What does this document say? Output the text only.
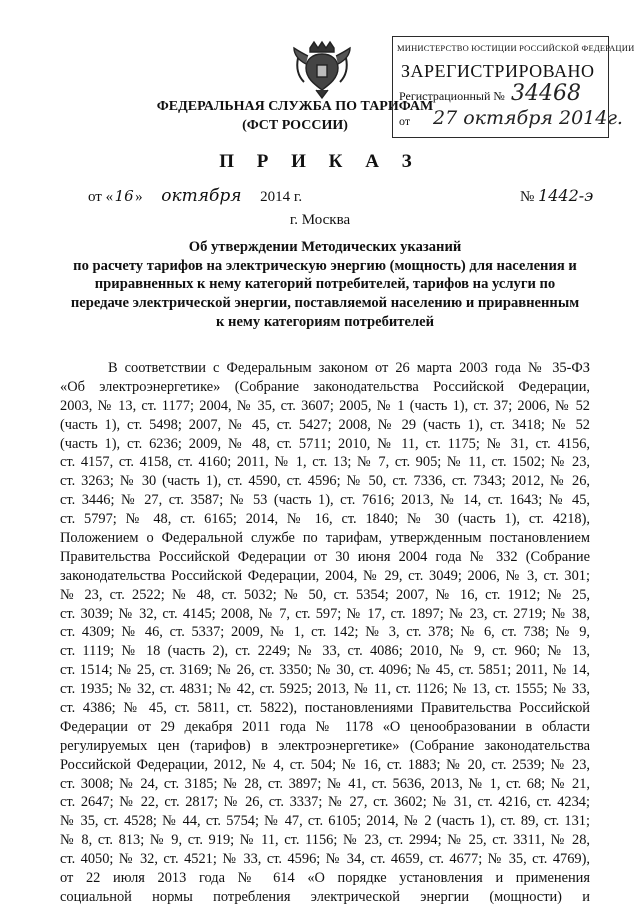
ФЕДЕРАЛЬНАЯ СЛУЖБА ПО ТАРИФАМ
(ФСТ РОССИИ)
МИНИСТЕРСТВО ЮСТИЦИИ РОССИЙСКОЙ ФЕДЕРАЦИИ
ЗАРЕГИСТРИРОВАНО
Регистрационный № 34468
от 27 октября 2014г.
П Р И К А З
от «16» октября 2014 г.	№ 1442-э
г. Москва
Об утверждении Методических указаний
по расчету тарифов на электрическую энергию (мощность) для населения и
приравненных к нему категорий потребителей, тарифов на услуги по
передаче электрической энергии, поставляемой населению и приравненным
к нему категориям потребителей
В соответствии с Федеральным законом от 26 марта 2003 года № 35-ФЗ
«Об электроэнергетике» (Собрание законодательства Российской Федерации,
2003, № 13, ст. 1177; 2004, № 35, ст. 3607; 2005, № 1 (часть 1), ст. 37; 2006, № 52
(часть 1), ст. 5498; 2007, № 45, ст. 5427; 2008, № 29 (часть 1), ст. 3418; № 52
(часть 1), ст. 6236; 2009, № 48, ст. 5711; 2010, № 11, ст. 1175; № 31, ст. 4156,
ст. 4157, ст. 4158, ст. 4160; 2011, № 1, ст. 13; № 7, ст. 905; № 11, ст. 1502; № 23,
ст. 3263; № 30 (часть 1), ст. 4590, ст. 4596; № 50, ст. 7336, ст. 7343; 2012, № 26,
ст. 3446; № 27, ст. 3587; № 53 (часть 1), ст. 7616; 2013, № 14, ст. 1643; № 45,
ст. 5797; № 48, ст. 6165; 2014, № 16, ст. 1840; № 30 (часть 1), ст. 4218),
Положением о Федеральной службе по тарифам, утвержденным постановлением
Правительства Российской Федерации от 30 июня 2004 года № 332 (Собрание
законодательства Российской Федерации, 2004, № 29, ст. 3049; 2006, № 3, ст. 301;
№ 23, ст. 2522; № 48, ст. 5032; № 50, ст. 5354; 2007, № 16, ст. 1912; № 25,
ст. 3039; № 32, ст. 4145; 2008, № 7, ст. 597; № 17, ст. 1897; № 23, ст. 2719; № 38,
ст. 4309; № 46, ст. 5337; 2009, № 1, ст. 142; № 3, ст. 378; № 6, ст. 738; № 9,
ст. 1119; № 18 (часть 2), ст. 2249; № 33, ст. 4086; 2010, № 9, ст. 960; № 13,
ст. 1514; № 25, ст. 3169; № 26, ст. 3350; № 30, ст. 4096; № 45, ст. 5851; 2011, № 14,
ст. 1935; № 32, ст. 4831; № 42, ст. 5925; 2013, № 11, ст. 1126; № 13, ст. 1555; № 33,
ст. 4386; № 45, ст. 5811, ст. 5822), постановлениями Правительства Российской
Федерации от 29 декабря 2011 года № 1178 «О ценообразовании в области
регулируемых цен (тарифов) в электроэнергетике» (Собрание законодательства
Российской Федерации, 2012, № 4, ст. 504; № 16, ст. 1883; № 20, ст. 2539; № 23,
ст. 3008; № 24, ст. 3185; № 28, ст. 3897; № 41, ст. 5636, 2013, № 1, ст. 68; № 21,
ст. 2647; № 22, ст. 2817; № 26, ст. 3337; № 27, ст. 3602; № 31, ст. 4216, ст. 4234;
№ 35, ст. 4528; № 44, ст. 5754; № 47, ст. 6105; 2014, № 2 (часть 1), ст. 89, ст. 131;
№ 8, ст. 813; № 9, ст. 919; № 11, ст. 1156; № 23, ст. 2994; № 25, ст. 3311, № 28,
ст. 4050; № 32, ст. 4521; № 33, ст. 4596; № 34, ст. 4659, ст. 4677; № 35, ст. 4769),
от 22 июля 2013 года № 614 «О порядке установления и применения
социальной нормы потребления электрической энергии (мощности) и
